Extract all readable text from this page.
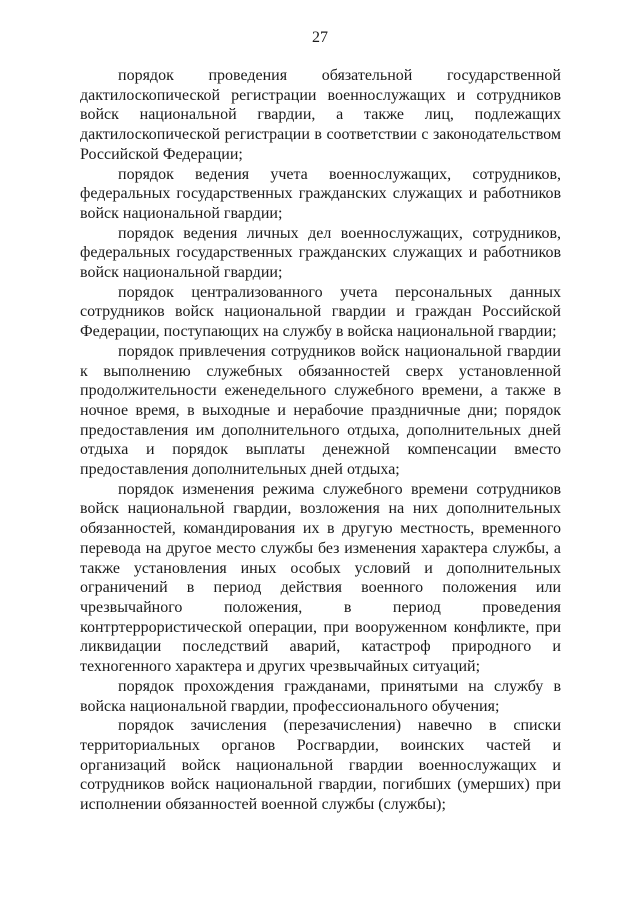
27

порядок проведения обязательной государственной дактилоскопической регистрации военнослужащих и сотрудников войск национальной гвардии, а также лиц, подлежащих дактилоскопической регистрации в соответствии с законодательством Российской Федерации;

порядок ведения учета военнослужащих, сотрудников, федеральных государственных гражданских служащих и работников войск национальной гвардии;

порядок ведения личных дел военнослужащих, сотрудников, федеральных государственных гражданских служащих и работников войск национальной гвардии;

порядок централизованного учета персональных данных сотрудников войск национальной гвардии и граждан Российской Федерации, поступающих на службу в войска национальной гвардии;

порядок привлечения сотрудников войск национальной гвардии к выполнению служебных обязанностей сверх установленной продолжительности еженедельного служебного времени, а также в ночное время, в выходные и нерабочие праздничные дни; порядок предоставления им дополнительного отдыха, дополнительных дней отдыха и порядок выплаты денежной компенсации вместо предоставления дополнительных дней отдыха;

порядок изменения режима служебного времени сотрудников войск национальной гвардии, возложения на них дополнительных обязанностей, командирования их в другую местность, временного перевода на другое место службы без изменения характера службы, а также установления иных особых условий и дополнительных ограничений в период действия военного положения или чрезвычайного положения, в период проведения контртеррористической операции, при вооруженном конфликте, при ликвидации последствий аварий, катастроф природного и техногенного характера и других чрезвычайных ситуаций;

порядок прохождения гражданами, принятыми на службу в войска национальной гвардии, профессионального обучения;

порядок зачисления (перезачисления) навечно в списки территориальных органов Росгвардии, воинских частей и организаций войск национальной гвардии военнослужащих и сотрудников войск национальной гвардии, погибших (умерших) при исполнении обязанностей военной службы (службы);
